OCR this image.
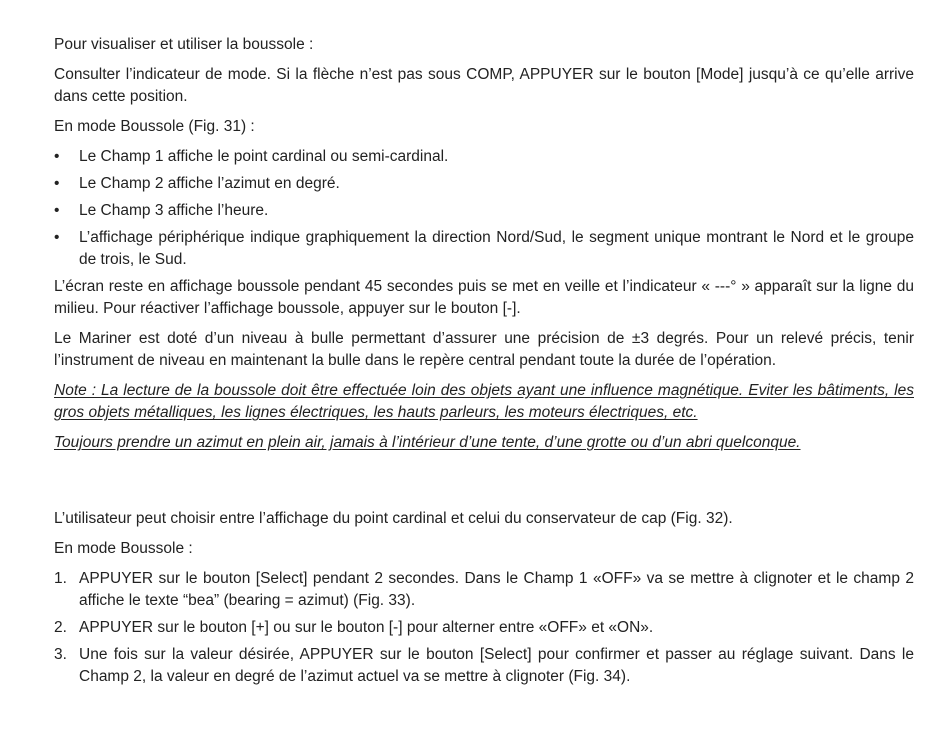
Pour visualiser et utiliser la boussole :

Consulter l’indicateur de mode. Si la flèche n’est pas sous COMP, APPUYER sur le bouton [Mode] jusqu’à ce qu’elle arrive dans cette position.

En mode Boussole (Fig. 31) :

• Le Champ 1 affiche le point cardinal ou semi-cardinal.
• Le Champ 2 affiche l’azimut en degré.
• Le Champ 3 affiche l’heure.
• L’affichage périphérique indique graphiquement la direction Nord/Sud, le segment unique montrant le Nord et le groupe de trois, le Sud.

L’écran reste en affichage boussole pendant 45 secondes puis se met en veille et l’indicateur « ---° » apparaît sur la ligne du milieu. Pour réactiver l’affichage boussole, appuyer sur le bouton [-].

Le Mariner est doté d’un niveau à bulle permettant d’assurer une précision de ±3 degrés. Pour un relevé précis, tenir l’instrument de niveau en maintenant la bulle dans le repère central pendant toute la durée de l’opération.

Note : La lecture de la boussole doit être effectuée loin des objets ayant une influence magnétique. Eviter les bâtiments, les gros objets métalliques, les lignes électriques, les hauts parleurs, les moteurs électriques, etc.

Toujours prendre un azimut en plein air, jamais à l’intérieur d’une tente, d’une grotte ou d’un abri quelconque.

L’utilisateur peut choisir entre l’affichage du point cardinal et celui du conservateur de cap (Fig. 32).

En mode Boussole :

1. APPUYER sur le bouton [Select] pendant 2 secondes. Dans le Champ 1 «OFF» va se mettre à clignoter et le champ 2 affiche le texte “bea” (bearing = azimut) (Fig. 33).
2. APPUYER sur le bouton [+] ou sur le bouton [-] pour alterner entre «OFF» et «ON».
3. Une fois sur la valeur désirée, APPUYER sur le bouton [Select] pour confirmer et passer au réglage suivant. Dans le Champ 2, la valeur en degré de l’azimut actuel va se mettre à clignoter (Fig. 34).
